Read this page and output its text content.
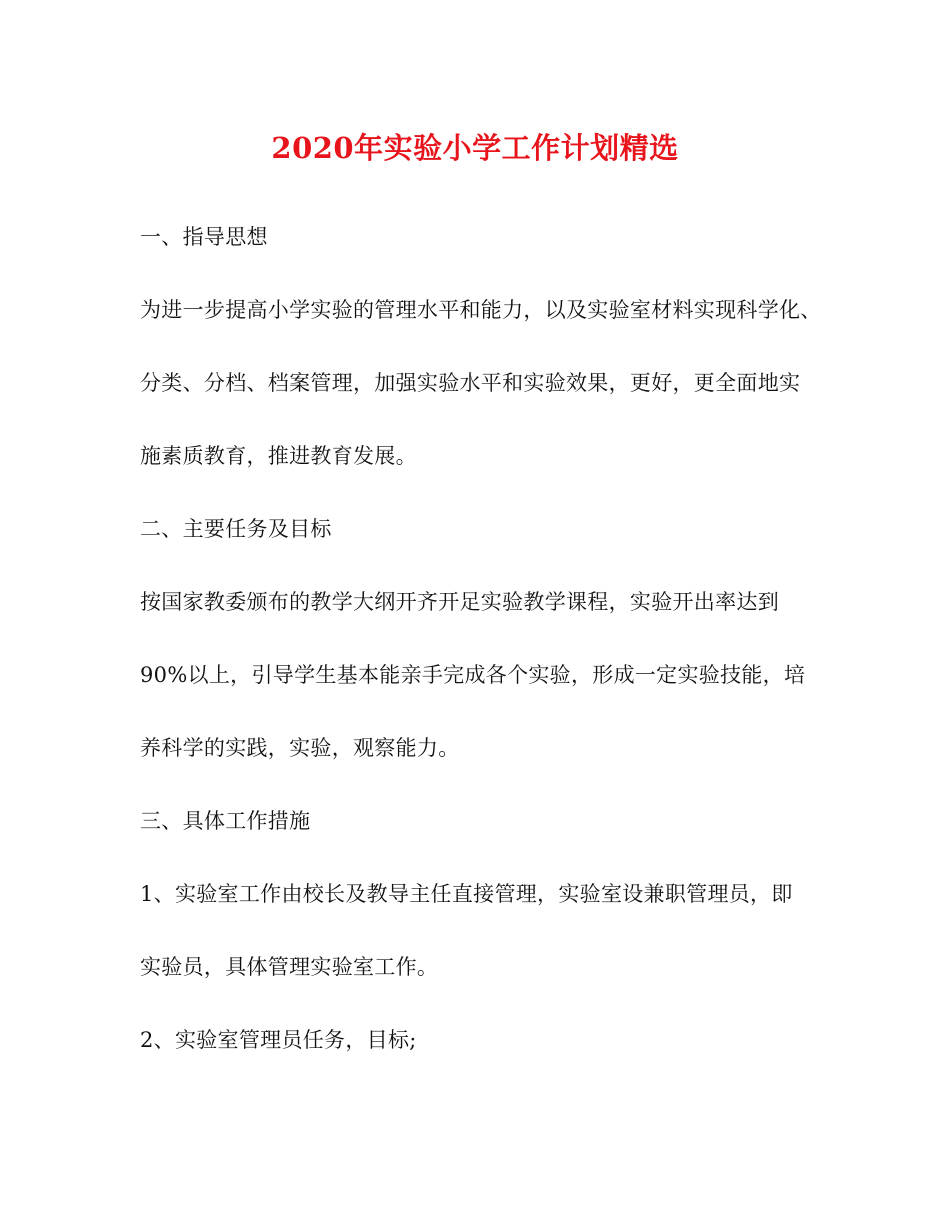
2020年实验小学工作计划精选
一、指导思想
为进一步提高小学实验的管理水平和能力，以及实验室材料实现科学化、
分类、分档、档案管理，加强实验水平和实验效果，更好，更全面地实
施素质教育，推进教育发展。
二、主要任务及目标
按国家教委颁布的教学大纲开齐开足实验教学课程，实验开出率达到
90%以上，引导学生基本能亲手完成各个实验，形成一定实验技能，培
养科学的实践，实验，观察能力。
三、具体工作措施
1、实验室工作由校长及教导主任直接管理，实验室设兼职管理员，即
实验员，具体管理实验室工作。
2、实验室管理员任务，目标;
